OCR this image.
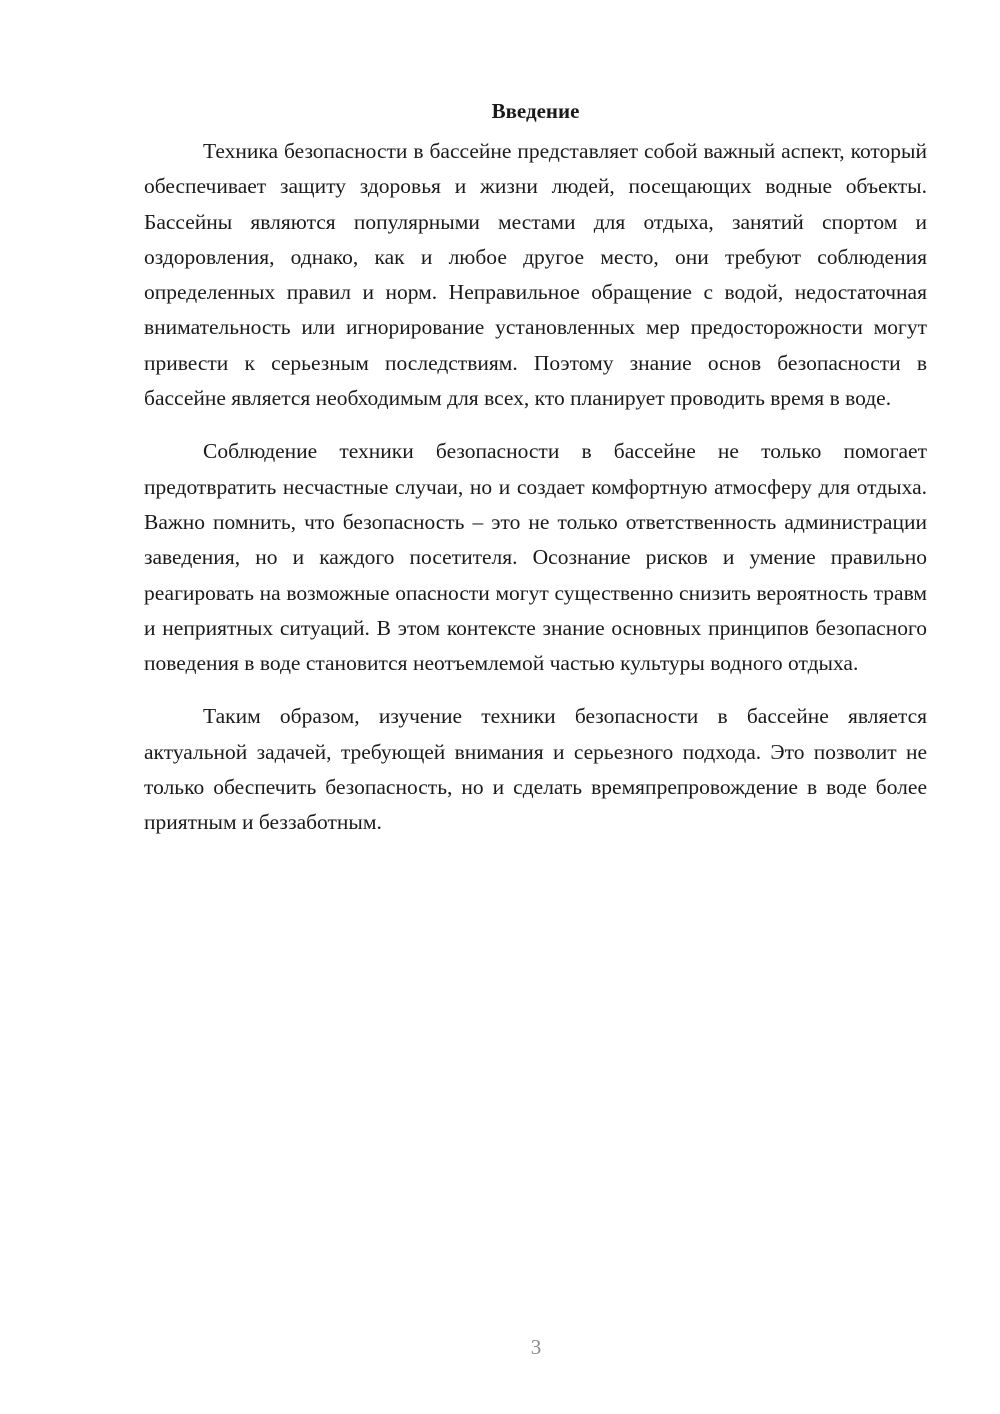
Введение

Техника безопасности в бассейне представляет собой важный аспект, который обеспечивает защиту здоровья и жизни людей, посещающих водные объекты. Бассейны являются популярными местами для отдыха, занятий спортом и оздоровления, однако, как и любое другое место, они требуют соблюдения определенных правил и норм. Неправильное обращение с водой, недостаточная внимательность или игнорирование установленных мер предосторожности могут привести к серьезным последствиям. Поэтому знание основ безопасности в бассейне является необходимым для всех, кто планирует проводить время в воде.

Соблюдение техники безопасности в бассейне не только помогает предотвратить несчастные случаи, но и создает комфортную атмосферу для отдыха. Важно помнить, что безопасность – это не только ответственность администрации заведения, но и каждого посетителя. Осознание рисков и умение правильно реагировать на возможные опасности могут существенно снизить вероятность травм и неприятных ситуаций. В этом контексте знание основных принципов безопасного поведения в воде становится неотъемлемой частью культуры водного отдыха.

Таким образом, изучение техники безопасности в бассейне является актуальной задачей, требующей внимания и серьезного подхода. Это позволит не только обеспечить безопасность, но и сделать времяпрепровождение в воде более приятным и беззаботным.

3
